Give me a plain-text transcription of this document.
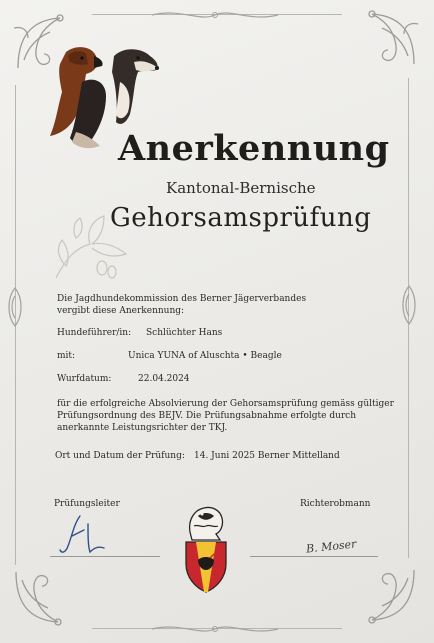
Anerkennung
Kantonal-Bernische
Gehorsamsprüfung
Die Jagdhundekommission des Berner Jägerverbandes
vergibt diese Anerkennung:
Hundeführer/in: Schlüchter Hans
mit:	Unica YUNA of Aluschta • Beagle
Wurfdatum:	22.04.2024
für die erfolgreiche Absolvierung der Gehorsamsprüfung gemäss gültiger
Prüfungsordnung des BEJV. Die Prüfungsabnahme erfolgte durch
anerkannte Leistungsrichter der TKJ.
Ort und Datum der Prüfung: 14. Juni 2025 Berner Mittelland
Prüfungsleiter	Richterobmann
B. Moser
